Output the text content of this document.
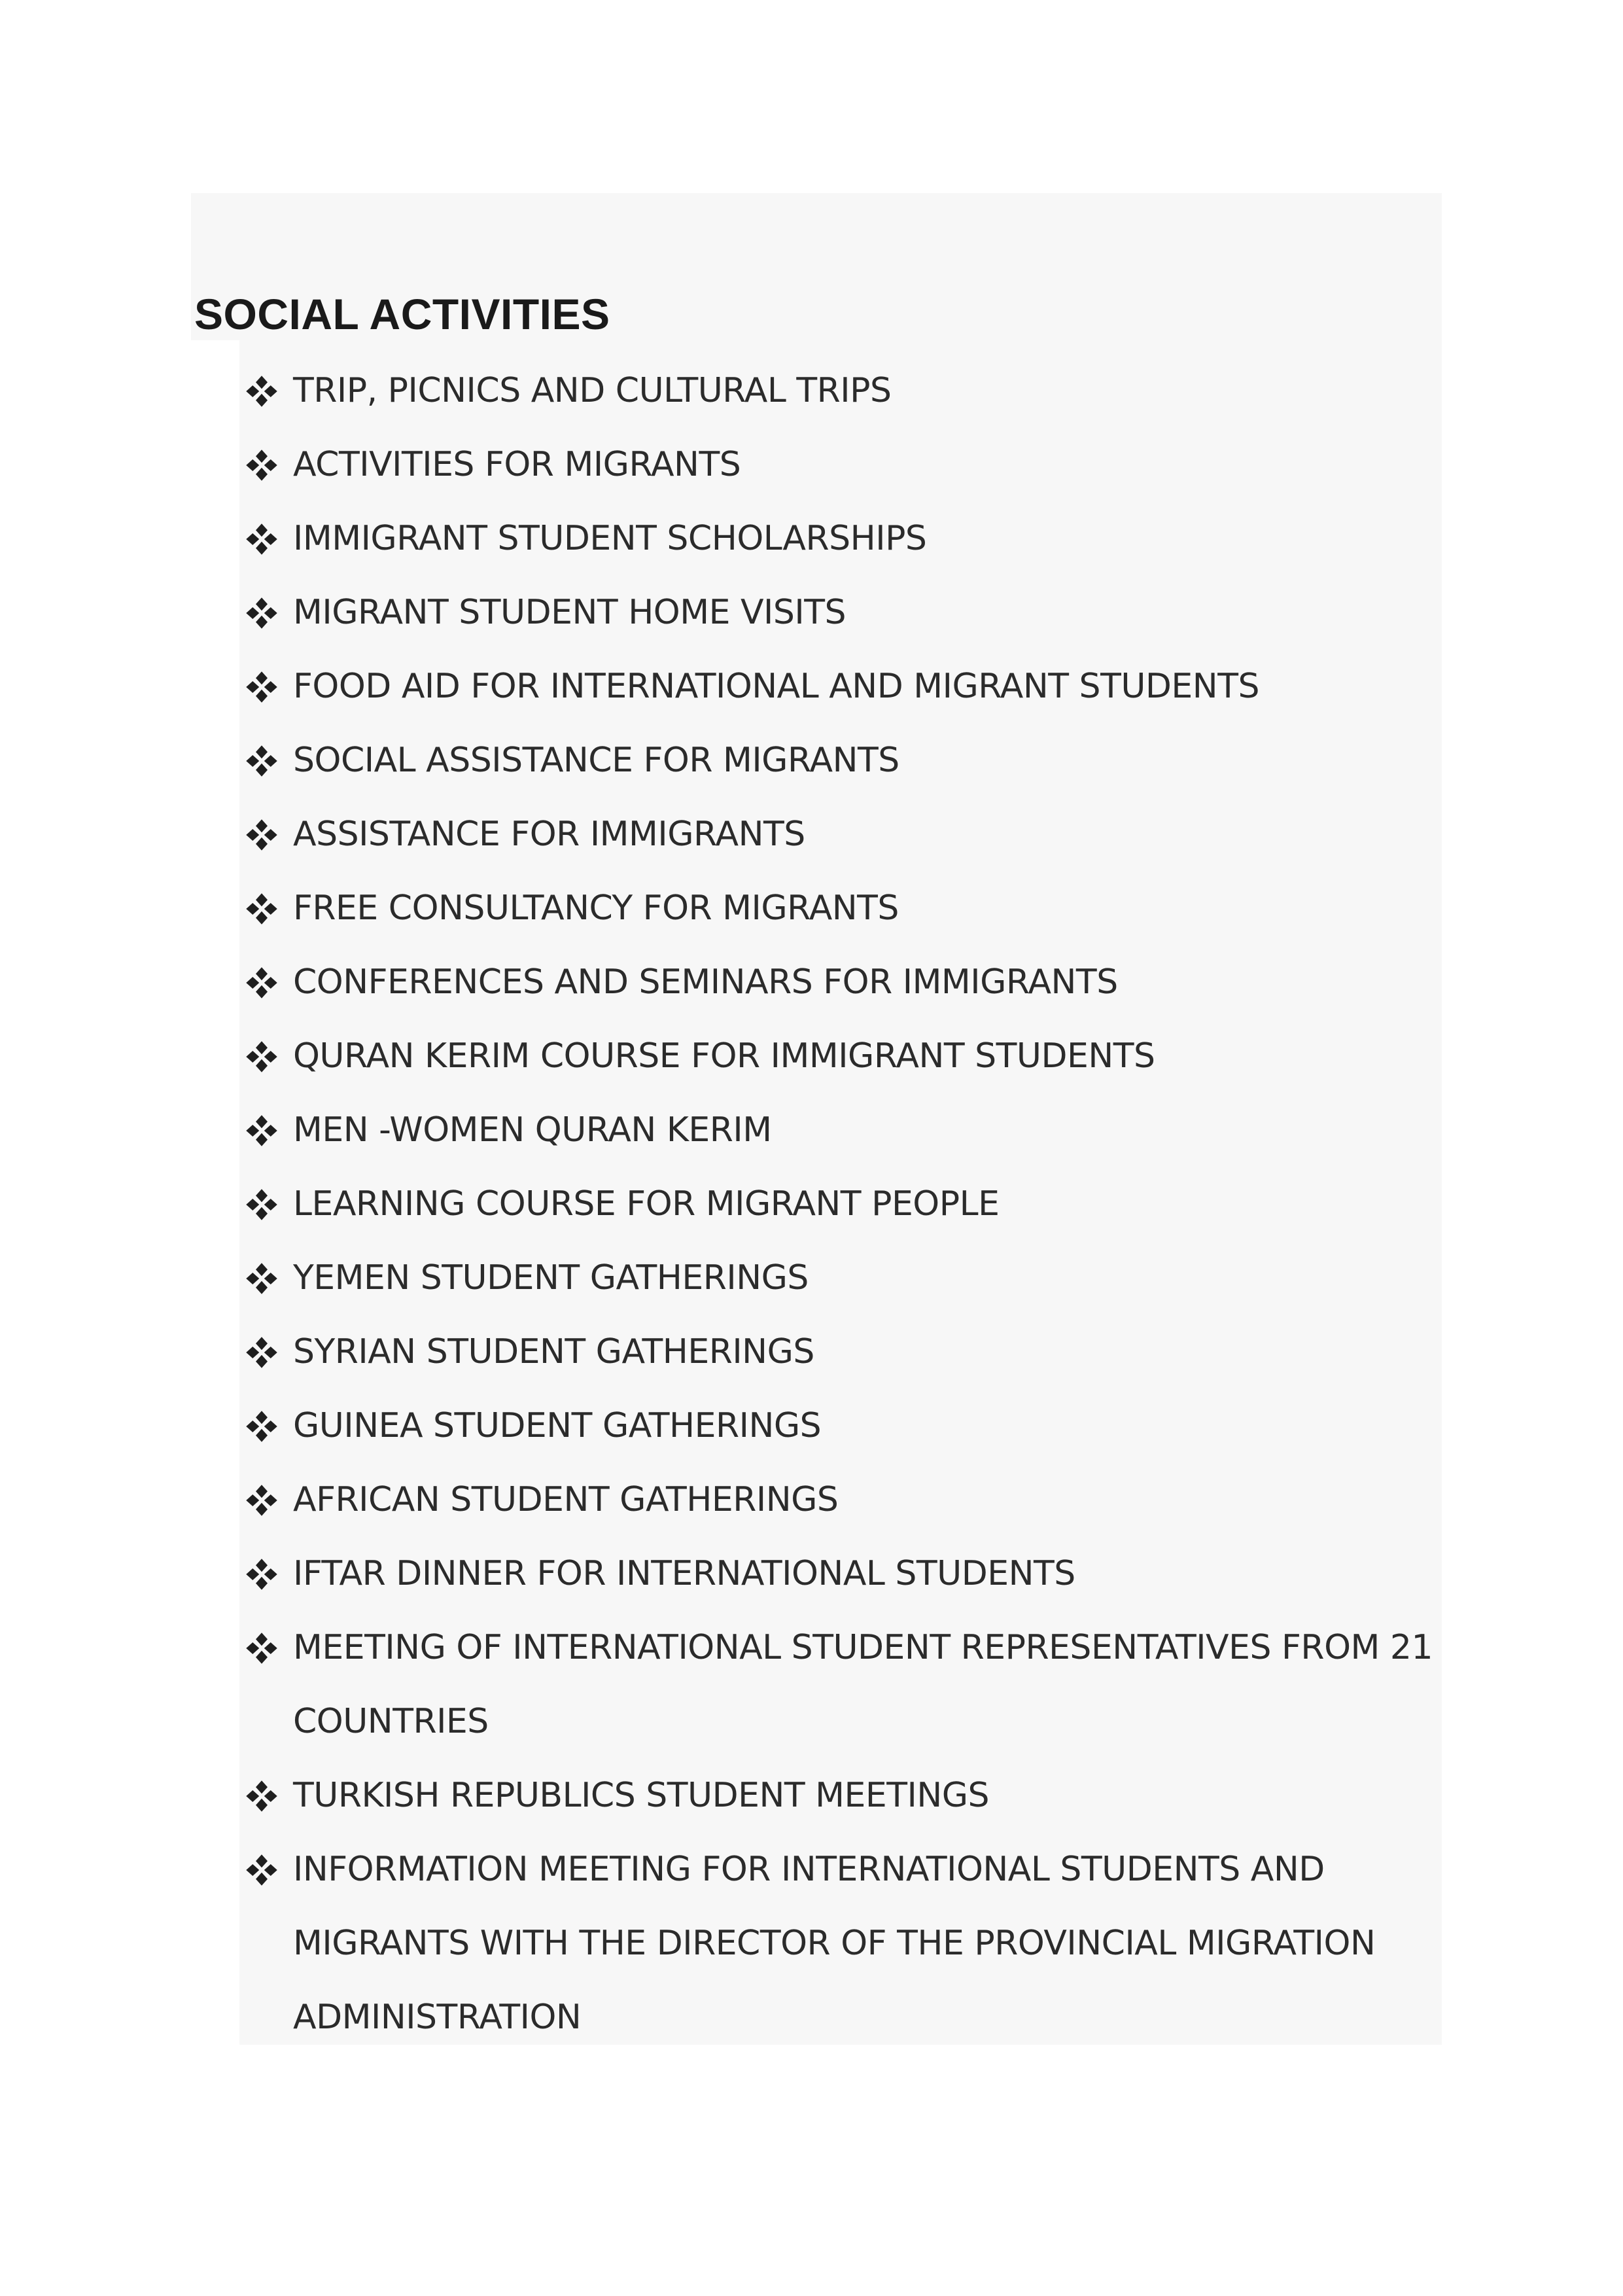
SOCIAL ACTIVITIES
TRIP, PICNICS AND CULTURAL TRIPS
ACTIVITIES FOR MIGRANTS
IMMIGRANT STUDENT SCHOLARSHIPS
MIGRANT STUDENT HOME VISITS
FOOD AID FOR INTERNATIONAL AND MIGRANT STUDENTS
SOCIAL ASSISTANCE FOR MIGRANTS
ASSISTANCE FOR IMMIGRANTS
FREE CONSULTANCY FOR MIGRANTS
CONFERENCES AND SEMINARS FOR IMMIGRANTS
QURAN KERIM COURSE FOR IMMIGRANT STUDENTS
MEN -WOMEN QURAN KERIM
LEARNING COURSE FOR MIGRANT PEOPLE
YEMEN STUDENT GATHERINGS
SYRIAN STUDENT GATHERINGS
GUINEA STUDENT GATHERINGS
AFRICAN STUDENT GATHERINGS
IFTAR DINNER FOR INTERNATIONAL STUDENTS
MEETING OF INTERNATIONAL STUDENT REPRESENTATIVES FROM 21 COUNTRIES
TURKISH REPUBLICS STUDENT MEETINGS
INFORMATION MEETING FOR INTERNATIONAL STUDENTS AND MIGRANTS WITH THE DIRECTOR OF THE PROVINCIAL MIGRATION ADMINISTRATION
